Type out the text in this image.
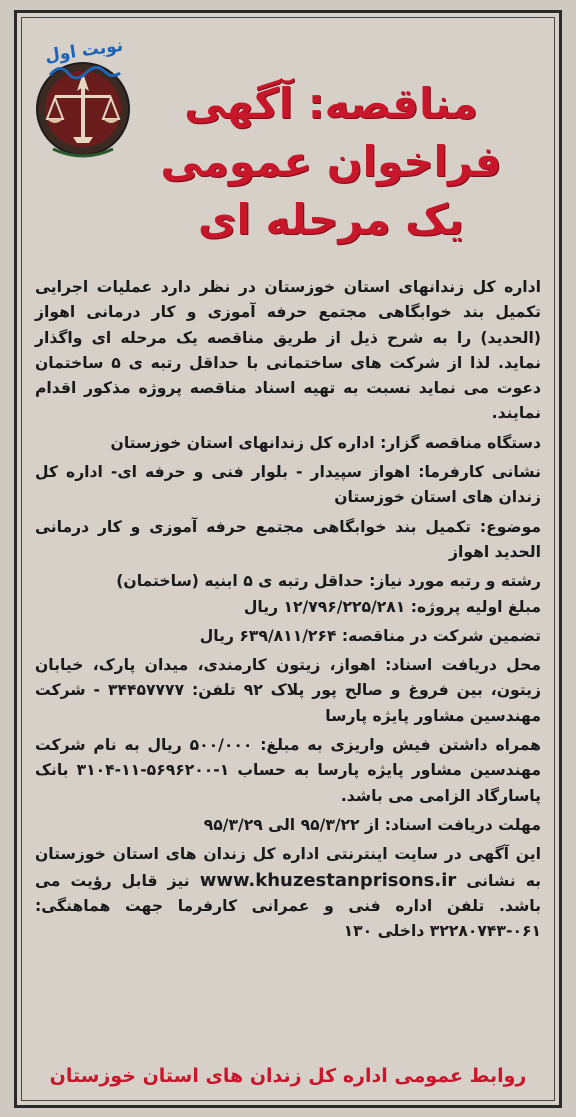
نوبت اول
مناقصه: آگهی
فراخوان عمومی
یک مرحله ای

اداره کل زندانهای استان خوزستان در نظر دارد عملیات اجرایی تکمیل بند خوابگاهی مجتمع حرفه آموزی و کار درمانی اهواز (الحدید) را به شرح ذیل از طریق مناقصه یک مرحله ای واگذار نماید. لذا از شرکت های ساختمانی با حداقل رتبه ی ۵ ساختمان دعوت می نماید نسبت به تهیه اسناد مناقصه پروژه مذکور اقدام نمایند.

دستگاه مناقصه گزار: اداره کل زندانهای استان خوزستان

نشانی کارفرما: اهواز سپیدار - بلوار فنی و حرفه ای- اداره کل زندان های استان خوزستان

موضوع: تکمیل بند خوابگاهی مجتمع حرفه آموزی و کار درمانی الحدید اهواز

رشته و رتبه مورد نیاز: حداقل رتبه ی ۵ ابنیه (ساختمان)

مبلغ اولیه پروژه: ۱۲/۷۹۶/۲۲۵/۲۸۱ ریال

تضمین شرکت در مناقصه: ۶۳۹/۸۱۱/۲۶۴ ریال

محل دریافت اسناد: اهواز، زیتون کارمندی، میدان پارک، خیابان زیتون، بین فروغ و صالح پور پلاک ۹۲ تلفن: ۳۴۴۵۷۷۷۷ - شرکت مهندسین مشاور پایژه پارسا

همراه داشتن فیش واریزی به مبلغ: ۵۰۰/۰۰۰ ریال به نام شرکت مهندسین مشاور پایژه پارسا به حساب ۱-۵۶۹۶۲۰۰-۱۱-۳۱۰۴ بانک پاسارگاد الزامی می باشد.

مهلت دریافت اسناد: از ۹۵/۳/۲۲ الی ۹۵/۳/۲۹

این آگهی در سایت اینترنتی اداره کل زندان های استان خوزستان به نشانی www.khuzestanprisons.ir نیز قابل رؤیت می باشد. تلفن اداره فنی و عمرانی کارفرما جهت هماهنگی: ۰۶۱-۳۲۲۸۰۷۴۳ داخلی ۱۳۰

روابط عمومی اداره کل زندان های استان خوزستان
